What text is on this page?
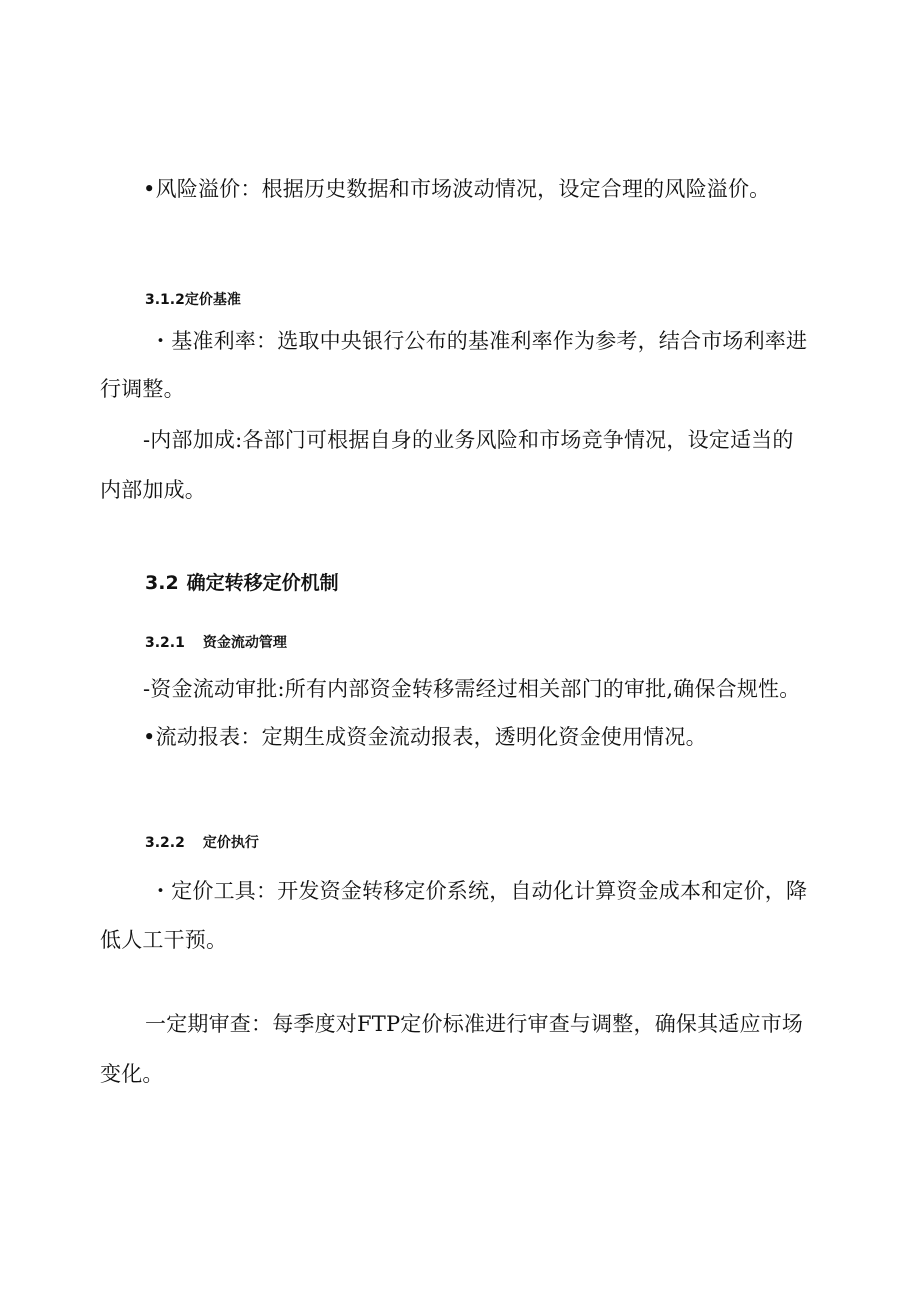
•风险溢价：根据历史数据和市场波动情况，设定合理的风险溢价。

3.1.2定价基准

・基准利率：选取中央银行公布的基准利率作为参考，结合市场利率进

行调整。

-内部加成:各部门可根据自身的业务风险和市场竞争情况，设定适当的

内部加成。

3.2 确定转移定价机制

3.2.1 资金流动管理

-资金流动审批:所有内部资金转移需经过相关部门的审批,确保合规性。

•流动报表：定期生成资金流动报表，透明化资金使用情况。

3.2.2 定价执行

・定价工具：开发资金转移定价系统，自动化计算资金成本和定价，降

低人工干预。

一定期审查：每季度对FTP定价标准进行审查与调整，确保其适应市场

变化。
